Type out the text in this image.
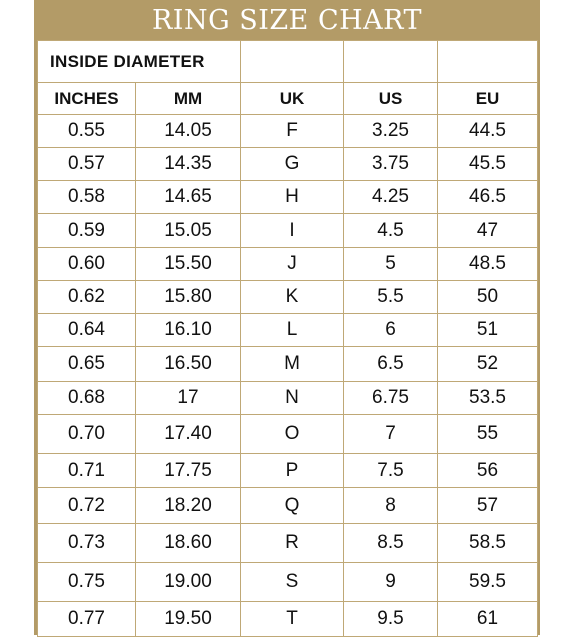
RING SIZE CHART
INSIDE DIAMETER				
INCHES	MM	UK	US	EU
0.55	14.05	F	3.25	44.5
0.57	14.35	G	3.75	45.5
0.58	14.65	H	4.25	46.5
0.59	15.05	I	4.5	47
0.60	15.50	J	5	48.5
0.62	15.80	K	5.5	50
0.64	16.10	L	6	51
0.65	16.50	M	6.5	52
0.68	17	N	6.75	53.5
0.70	17.40	O	7	55
0.71	17.75	P	7.5	56
0.72	18.20	Q	8	57
0.73	18.60	R	8.5	58.5
0.75	19.00	S	9	59.5
0.77	19.50	T	9.5	61
